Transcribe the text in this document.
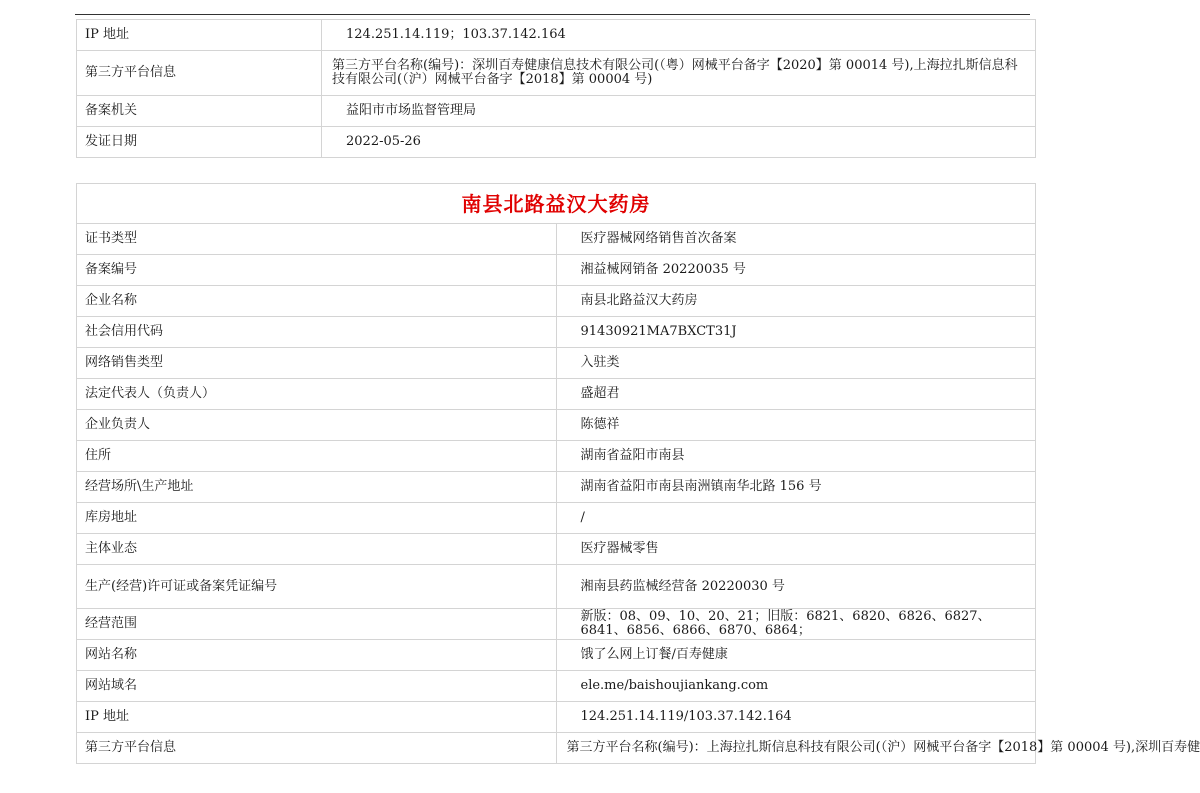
IP 地址	124.251.14.119；103.37.142.164
第三方平台信息	第三方平台名称(编号)：深圳百寿健康信息技术有限公司(（粤）网械平台备字【2020】第 00014 号),上海拉扎斯信息科技有限公司(（沪）网械平台备字【2018】第 00004 号)
备案机关	益阳市市场监督管理局
发证日期	2022-05-26
南县北路益汉大药房	
证书类型	医疗器械网络销售首次备案
备案编号	湘益械网销备 20220035 号
企业名称	南县北路益汉大药房
社会信用代码	91430921MA7BXCT31J
网络销售类型	入驻类
法定代表人（负责人）	盛超君
企业负责人	陈德祥
住所	湖南省益阳市南县
经营场所\生产地址	湖南省益阳市南县南洲镇南华北路 156 号
库房地址	/
主体业态	医疗器械零售
生产(经营)许可证或备案凭证编号	湘南县药监械经营备 20220030 号
经营范围	新版：08、09、10、20、21；旧版：6821、6820、6826、6827、6841、6856、6866、6870、6864；
网站名称	饿了么网上订餐/百寿健康
网站域名	ele.me/baishoujiankang.com
IP 地址	124.251.14.119/103.37.142.164
第三方平台信息	第三方平台名称(编号)：上海拉扎斯信息科技有限公司(（沪）网械平台备字【2018】第 00004 号),深圳百寿健
